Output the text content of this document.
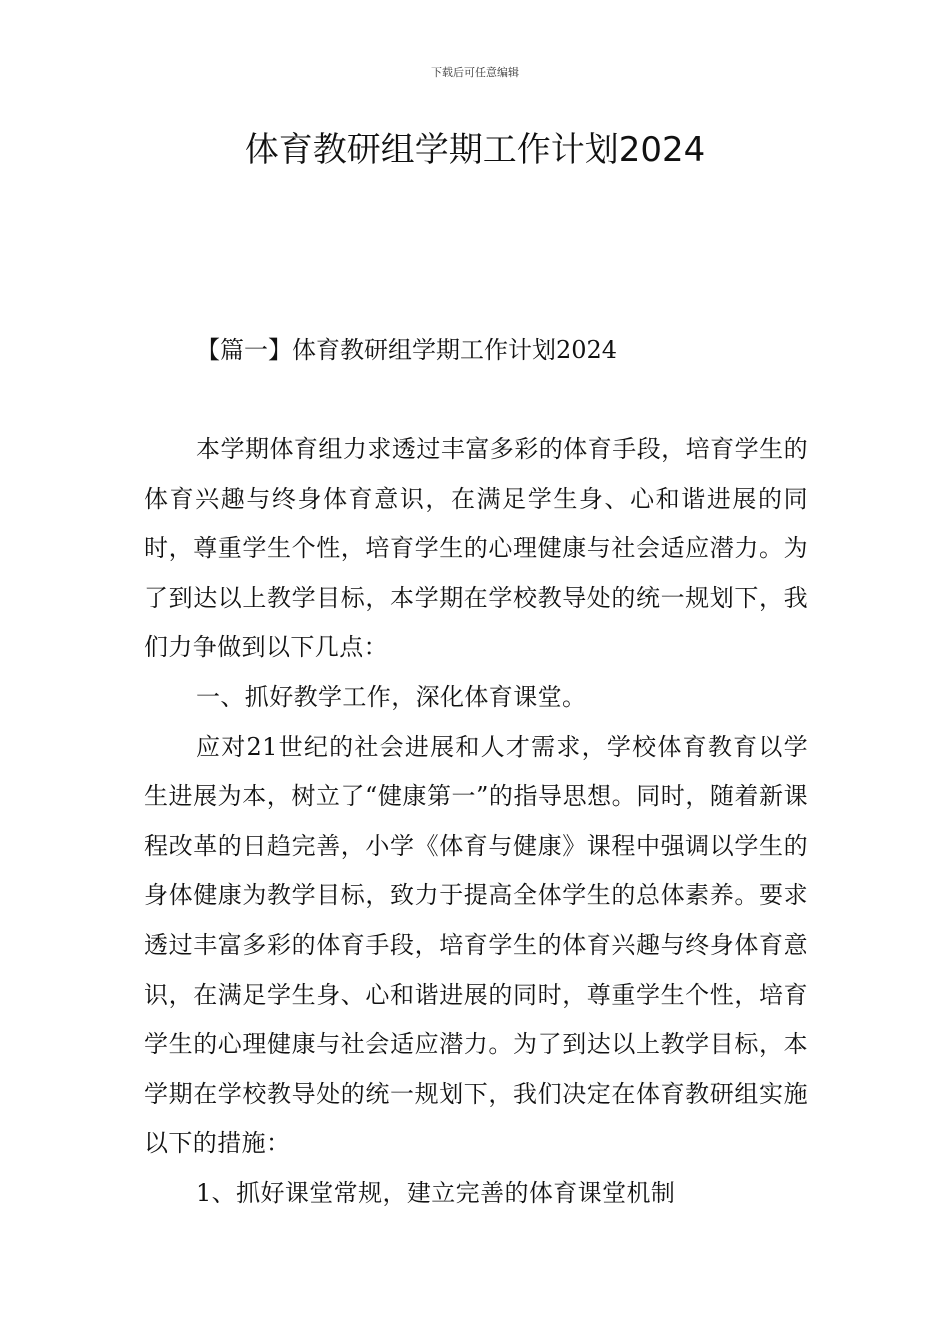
下载后可任意编辑
体育教研组学期工作计划2024
【篇一】体育教研组学期工作计划2024

本学期体育组力求透过丰富多彩的体育手段，培育学生的体育兴趣与终身体育意识，在满足学生身、心和谐进展的同时，尊重学生个性，培育学生的心理健康与社会适应潜力。为了到达以上教学目标，本学期在学校教导处的统一规划下，我们力争做到以下几点：

一、抓好教学工作，深化体育课堂。

应对21世纪的社会进展和人才需求，学校体育教育以学生进展为本，树立了“健康第一”的指导思想。同时，随着新课程改革的日趋完善，小学《体育与健康》课程中强调以学生的身体健康为教学目标，致力于提高全体学生的总体素养。要求透过丰富多彩的体育手段，培育学生的体育兴趣与终身体育意识，在满足学生身、心和谐进展的同时，尊重学生个性，培育学生的心理健康与社会适应潜力。为了到达以上教学目标，本学期在学校教导处的统一规划下，我们决定在体育教研组实施以下的措施：

1、抓好课堂常规，建立完善的体育课堂机制
